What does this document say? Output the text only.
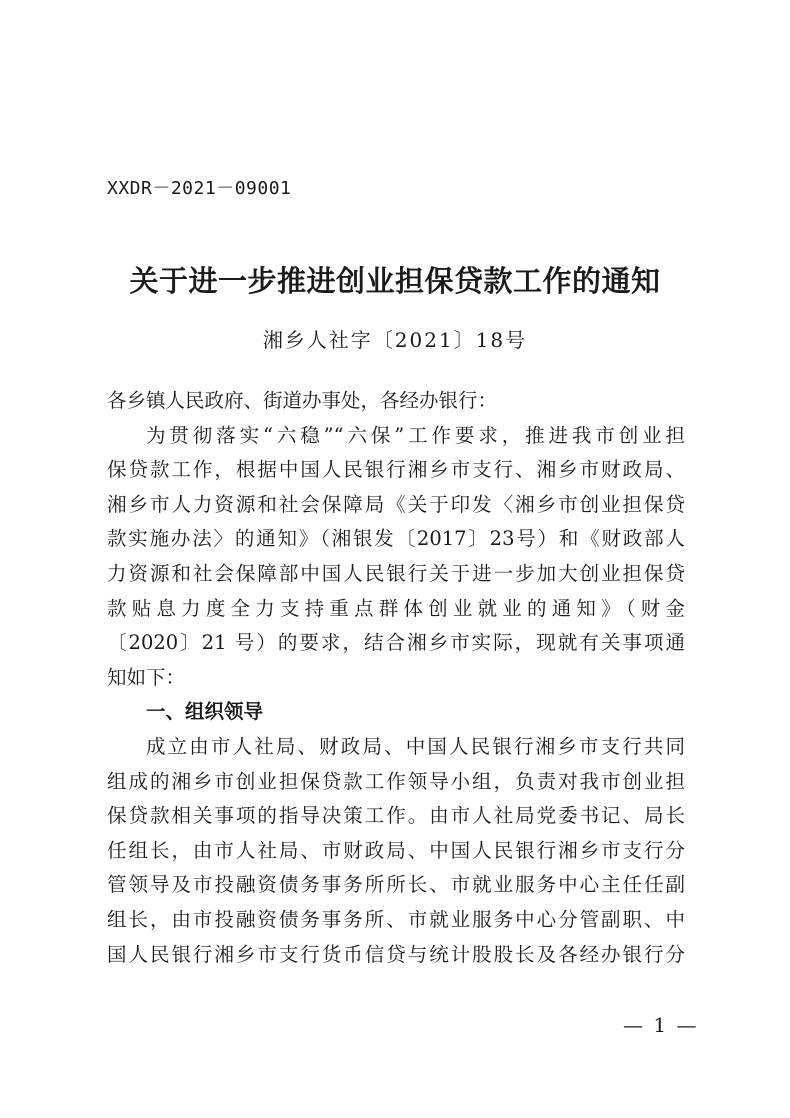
XXDR－2021－09001
关于进一步推进创业担保贷款工作的通知
湘乡人社字〔2021〕18号
各乡镇人民政府、街道办事处，各经办银行：
为贯彻落实“六稳”“六保”工作要求，推进我市创业担
保贷款工作，根据中国人民银行湘乡市支行、湘乡市财政局、
湘乡市人力资源和社会保障局《关于印发〈湘乡市创业担保贷
款实施办法〉的通知》（湘银发〔2017〕23号）和《财政部人
力资源和社会保障部中国人民银行关于进一步加大创业担保贷
款贴息力度全力支持重点群体创业就业的通知》（财金
〔2020〕21 号）的要求，结合湘乡市实际，现就有关事项通
知如下：
一、组织领导
成立由市人社局、财政局、中国人民银行湘乡市支行共同
组成的湘乡市创业担保贷款工作领导小组，负责对我市创业担
保贷款相关事项的指导决策工作。由市人社局党委书记、局长
任组长，由市人社局、市财政局、中国人民银行湘乡市支行分
管领导及市投融资债务事务所所长、市就业服务中心主任任副
组长，由市投融资债务事务所、市就业服务中心分管副职、中
国人民银行湘乡市支行货币信贷与统计股股长及各经办银行分
— 1 —
